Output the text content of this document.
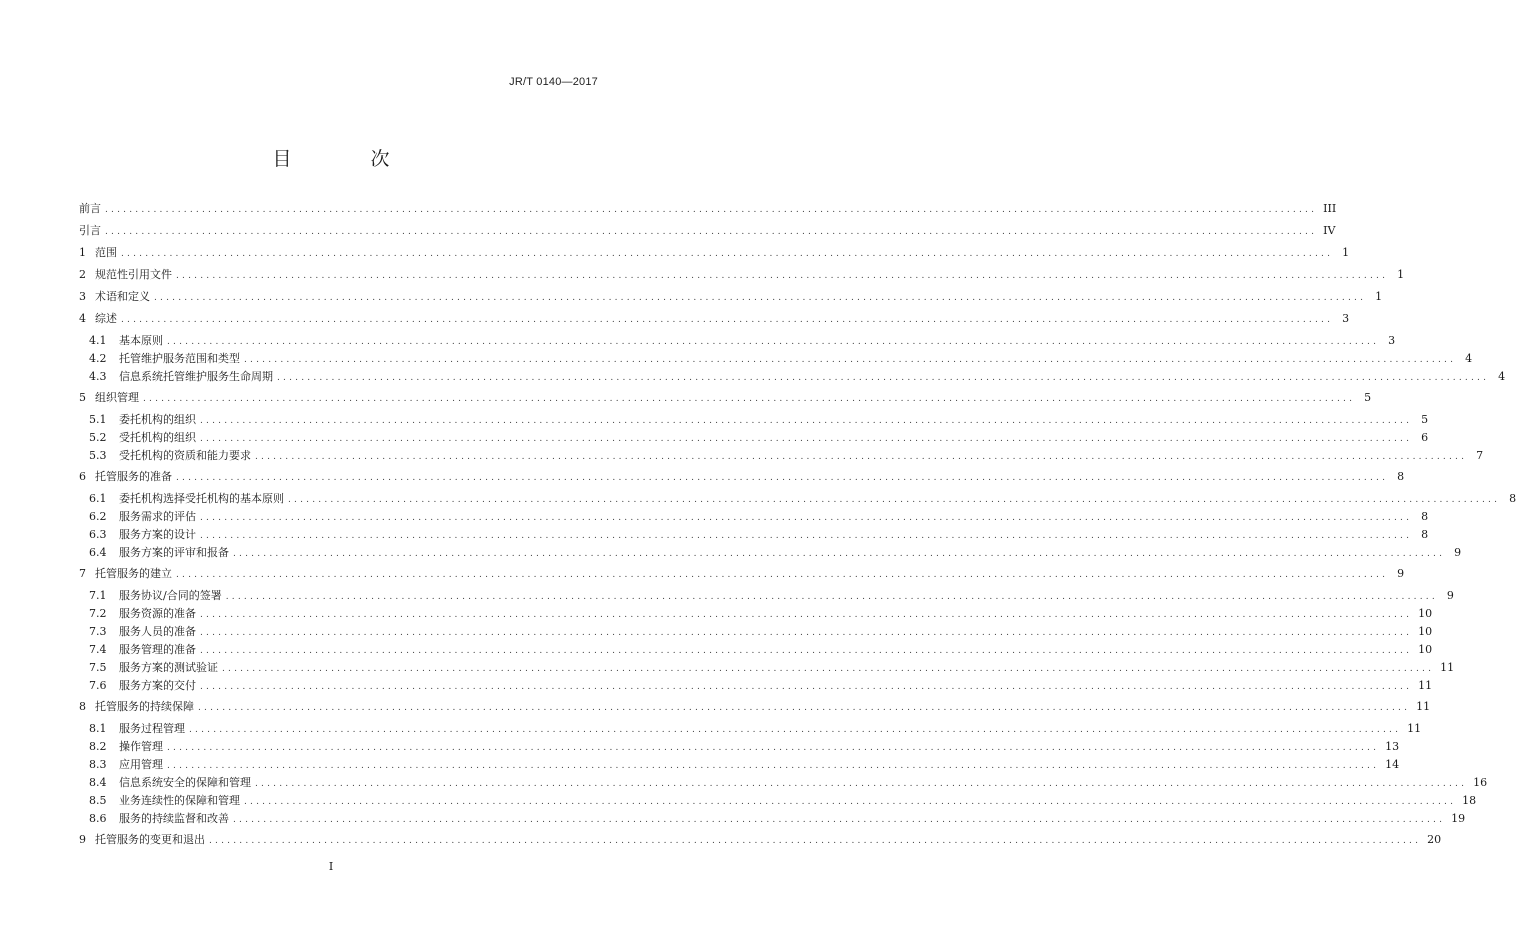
JR/T 0140—2017
目　次
前言 ........................................................................................................................................................................................................ III
引言 ........................................................................................................................................................................................................ IV
1 范围 ........................................................................................................................................................................................................ 1
2 规范性引用文件 ........................................................................................................................................................................................................ 1
3 术语和定义 ........................................................................................................................................................................................................ 1
4 综述 ........................................................................................................................................................................................................ 3
4.1	基本原则 ........................................................................................................................................................................................................ 3
4.2	托管维护服务范围和类型 ........................................................................................................................................................................................................ 4
4.3	信息系统托管维护服务生命周期 ........................................................................................................................................................................................................ 4
5 组织管理 ........................................................................................................................................................................................................ 5
5.1	委托机构的组织 ........................................................................................................................................................................................................ 5
5.2	受托机构的组织 ........................................................................................................................................................................................................ 6
5.3	受托机构的资质和能力要求 ........................................................................................................................................................................................................ 7
6 托管服务的准备 ........................................................................................................................................................................................................ 8
6.1	委托机构选择受托机构的基本原则 ........................................................................................................................................................................................................ 8
6.2	服务需求的评估 ........................................................................................................................................................................................................ 8
6.3	服务方案的设计 ........................................................................................................................................................................................................ 8
6.4	服务方案的评审和报备 ........................................................................................................................................................................................................ 9
7 托管服务的建立 ........................................................................................................................................................................................................ 9
7.1	服务协议/合同的签署 ........................................................................................................................................................................................................ 9
7.2	服务资源的准备 ........................................................................................................................................................................................................ 10
7.3	服务人员的准备 ........................................................................................................................................................................................................ 10
7.4	服务管理的准备 ........................................................................................................................................................................................................ 10
7.5	服务方案的测试验证 ........................................................................................................................................................................................................ 11
7.6	服务方案的交付 ........................................................................................................................................................................................................ 11
8 托管服务的持续保障 ........................................................................................................................................................................................................ 11
8.1	服务过程管理 ........................................................................................................................................................................................................ 11
8.2	操作管理 ........................................................................................................................................................................................................ 13
8.3	应用管理 ........................................................................................................................................................................................................ 14
8.4	信息系统安全的保障和管理 ........................................................................................................................................................................................................ 16
8.5	业务连续性的保障和管理 ........................................................................................................................................................................................................ 18
8.6	服务的持续监督和改善 ........................................................................................................................................................................................................ 19
9 托管服务的变更和退出 ........................................................................................................................................................................................................ 20
I
